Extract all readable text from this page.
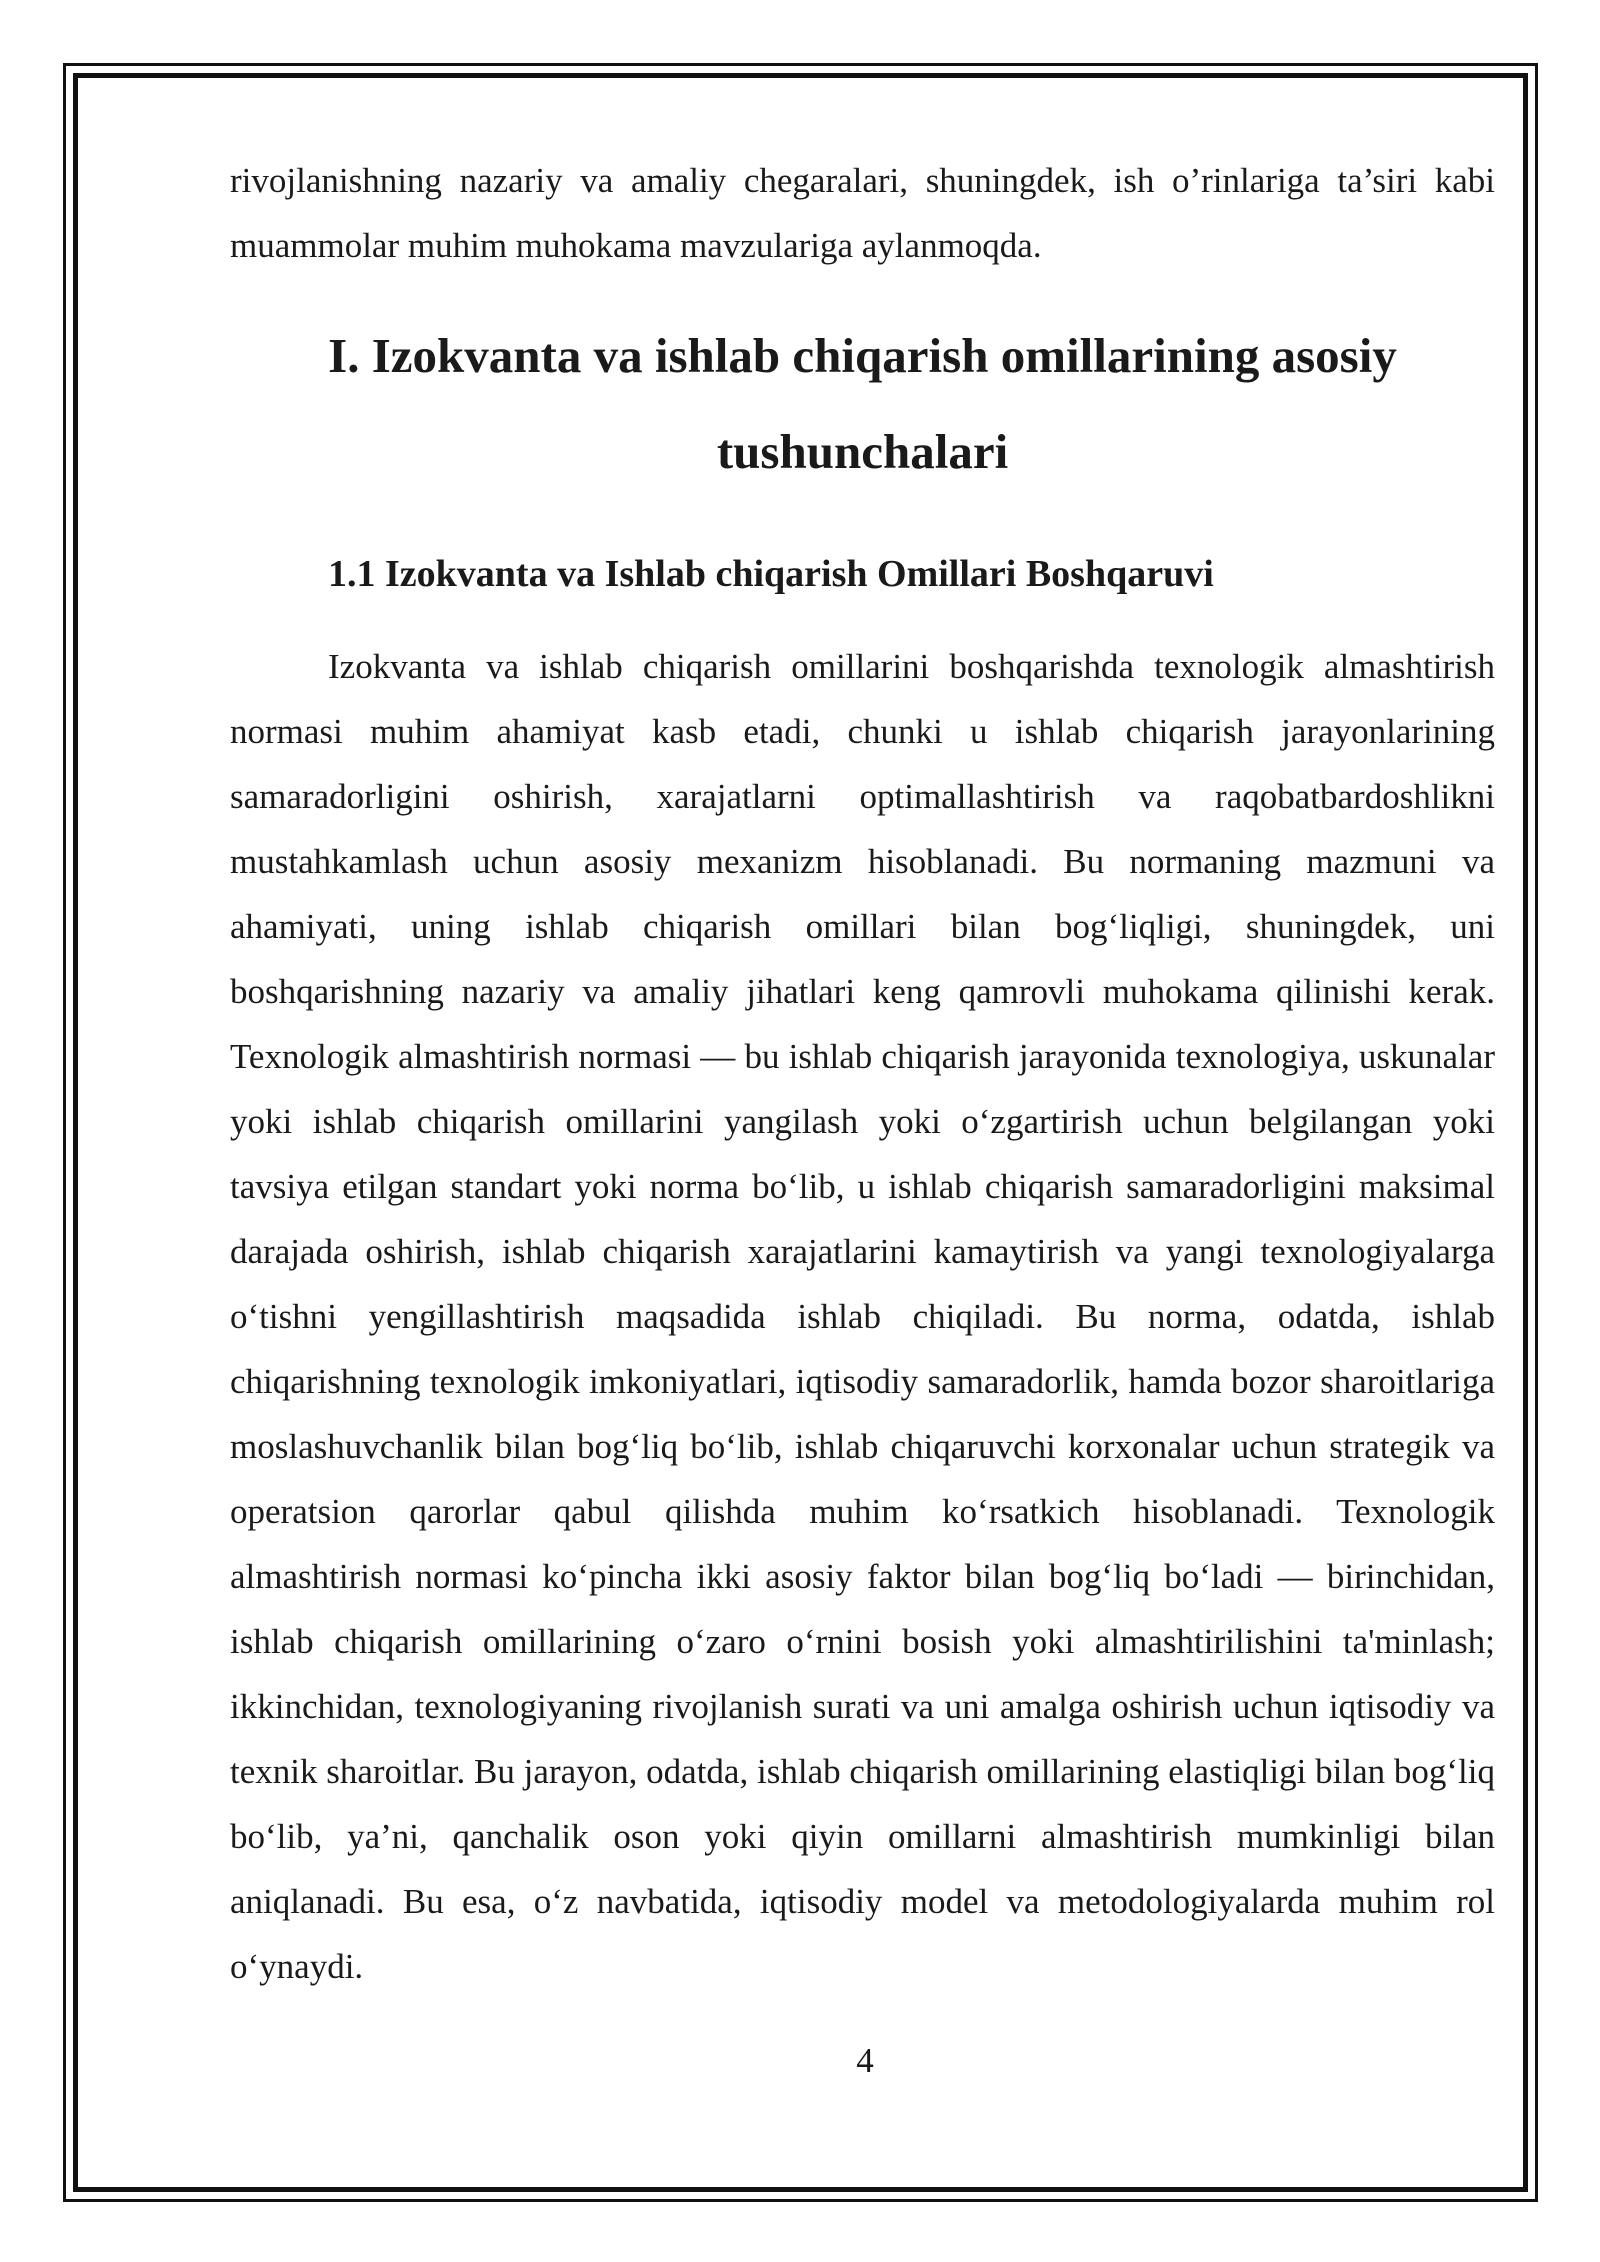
rivojlanishning nazariy va amaliy chegaralari, shuningdek, ish o’rinlariga ta’siri kabi muammolar muhim muhokama mavzulariga aylanmoqda.

I. Izokvanta va ishlab chiqarish omillarining asosiy tushunchalari
1.1 Izokvanta va Ishlab chiqarish Omillari Boshqaruvi

Izokvanta va ishlab chiqarish omillarini boshqarishda texnologik almashtirish normasi muhim ahamiyat kasb etadi, chunki u ishlab chiqarish jarayonlarining samaradorligini oshirish, xarajatlarni optimallashtirish va raqobatbardoshlikni mustahkamlash uchun asosiy mexanizm hisoblanadi. Bu normaning mazmuni va ahamiyati, uning ishlab chiqarish omillari bilan bog‘liqligi, shuningdek, uni boshqarishning nazariy va amaliy jihatlari keng qamrovli muhokama qilinishi kerak. Texnologik almashtirish normasi — bu ishlab chiqarish jarayonida texnologiya, uskunalar yoki ishlab chiqarish omillarini yangilash yoki o‘zgartirish uchun belgilangan yoki tavsiya etilgan standart yoki norma bo‘lib, u ishlab chiqarish samaradorligini maksimal darajada oshirish, ishlab chiqarish xarajatlarini kamaytirish va yangi texnologiyalarga o‘tishni yengillashtirish maqsadida ishlab chiqiladi. Bu norma, odatda, ishlab chiqarishning texnologik imkoniyatlari, iqtisodiy samaradorlik, hamda bozor sharoitlariga moslashuvchanlik bilan bog‘liq bo‘lib, ishlab chiqaruvchi korxonalar uchun strategik va operatsion qarorlar qabul qilishda muhim ko‘rsatkich hisoblanadi. Texnologik almashtirish normasi ko‘pincha ikki asosiy faktor bilan bog‘liq bo‘ladi — birinchidan, ishlab chiqarish omillarining o‘zaro o‘rnini bosish yoki almashtirilishini ta'minlash; ikkinchidan, texnologiyaning rivojlanish surati va uni amalga oshirish uchun iqtisodiy va texnik sharoitlar. Bu jarayon, odatda, ishlab chiqarish omillarining elastiqligi bilan bog‘liq bo‘lib, ya’ni, qanchalik oson yoki qiyin omillarni almashtirish mumkinligi bilan aniqlanadi. Bu esa, o‘z navbatida, iqtisodiy model va metodologiyalarda muhim rol o‘ynaydi.

4
